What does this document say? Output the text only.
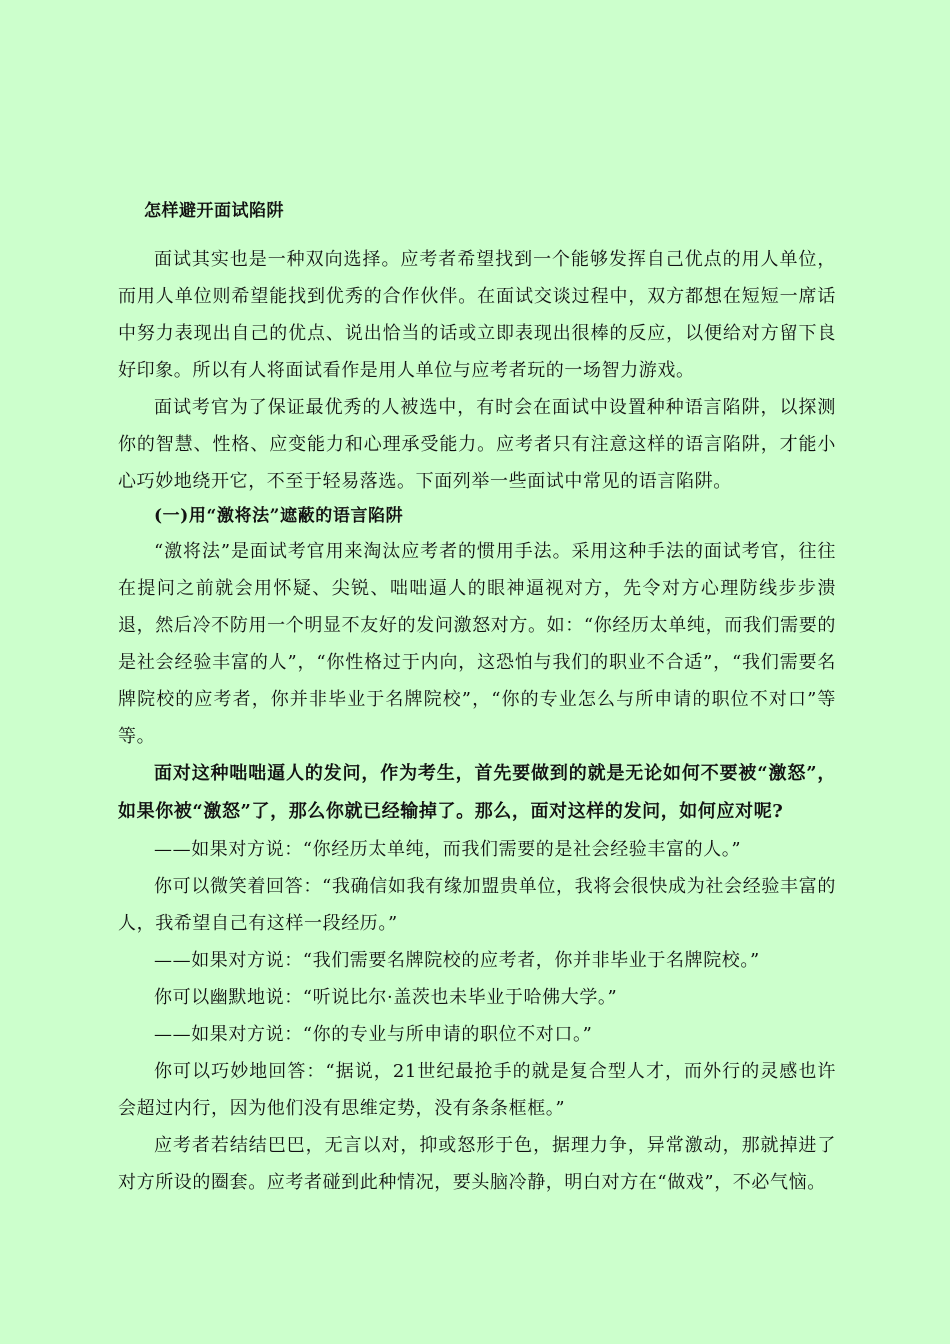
怎样避开面试陷阱

面试其实也是一种双向选择。应考者希望找到一个能够发挥自己优点的用人单位，而用人单位则希望能找到优秀的合作伙伴。在面试交谈过程中，双方都想在短短一席话中努力表现出自己的优点、说出恰当的话或立即表现出很棒的反应，以便给对方留下良好印象。所以有人将面试看作是用人单位与应考者玩的一场智力游戏。

面试考官为了保证最优秀的人被选中，有时会在面试中设置种种语言陷阱，以探测你的智慧、性格、应变能力和心理承受能力。应考者只有注意这样的语言陷阱，才能小心巧妙地绕开它，不至于轻易落选。下面列举一些面试中常见的语言陷阱。

(一)用“激将法”遮蔽的语言陷阱

“激将法”是面试考官用来淘汰应考者的惯用手法。采用这种手法的面试考官，往往在提问之前就会用怀疑、尖锐、咄咄逼人的眼神逼视对方，先令对方心理防线步步溃退，然后冷不防用一个明显不友好的发问激怒对方。如：“你经历太单纯，而我们需要的是社会经验丰富的人”，“你性格过于内向，这恐怕与我们的职业不合适”，“我们需要名牌院校的应考者，你并非毕业于名牌院校”，“你的专业怎么与所申请的职位不对口”等等。

面对这种咄咄逼人的发问，作为考生，首先要做到的就是无论如何不要被“激怒”，如果你被“激怒”了，那么你就已经输掉了。那么，面对这样的发问，如何应对呢?

——如果对方说：“你经历太单纯，而我们需要的是社会经验丰富的人。”

你可以微笑着回答：“我确信如我有缘加盟贵单位，我将会很快成为社会经验丰富的人，我希望自己有这样一段经历。”

——如果对方说：“我们需要名牌院校的应考者，你并非毕业于名牌院校。”

你可以幽默地说：“听说比尔·盖茨也未毕业于哈佛大学。”

——如果对方说：“你的专业与所申请的职位不对口。”

你可以巧妙地回答：“据说，21世纪最抢手的就是复合型人才，而外行的灵感也许会超过内行，因为他们没有思维定势，没有条条框框。”

应考者若结结巴巴，无言以对，抑或怒形于色，据理力争，异常激动，那就掉进了对方所设的圈套。应考者碰到此种情况，要头脑冷静，明白对方在“做戏”，不必气恼。
